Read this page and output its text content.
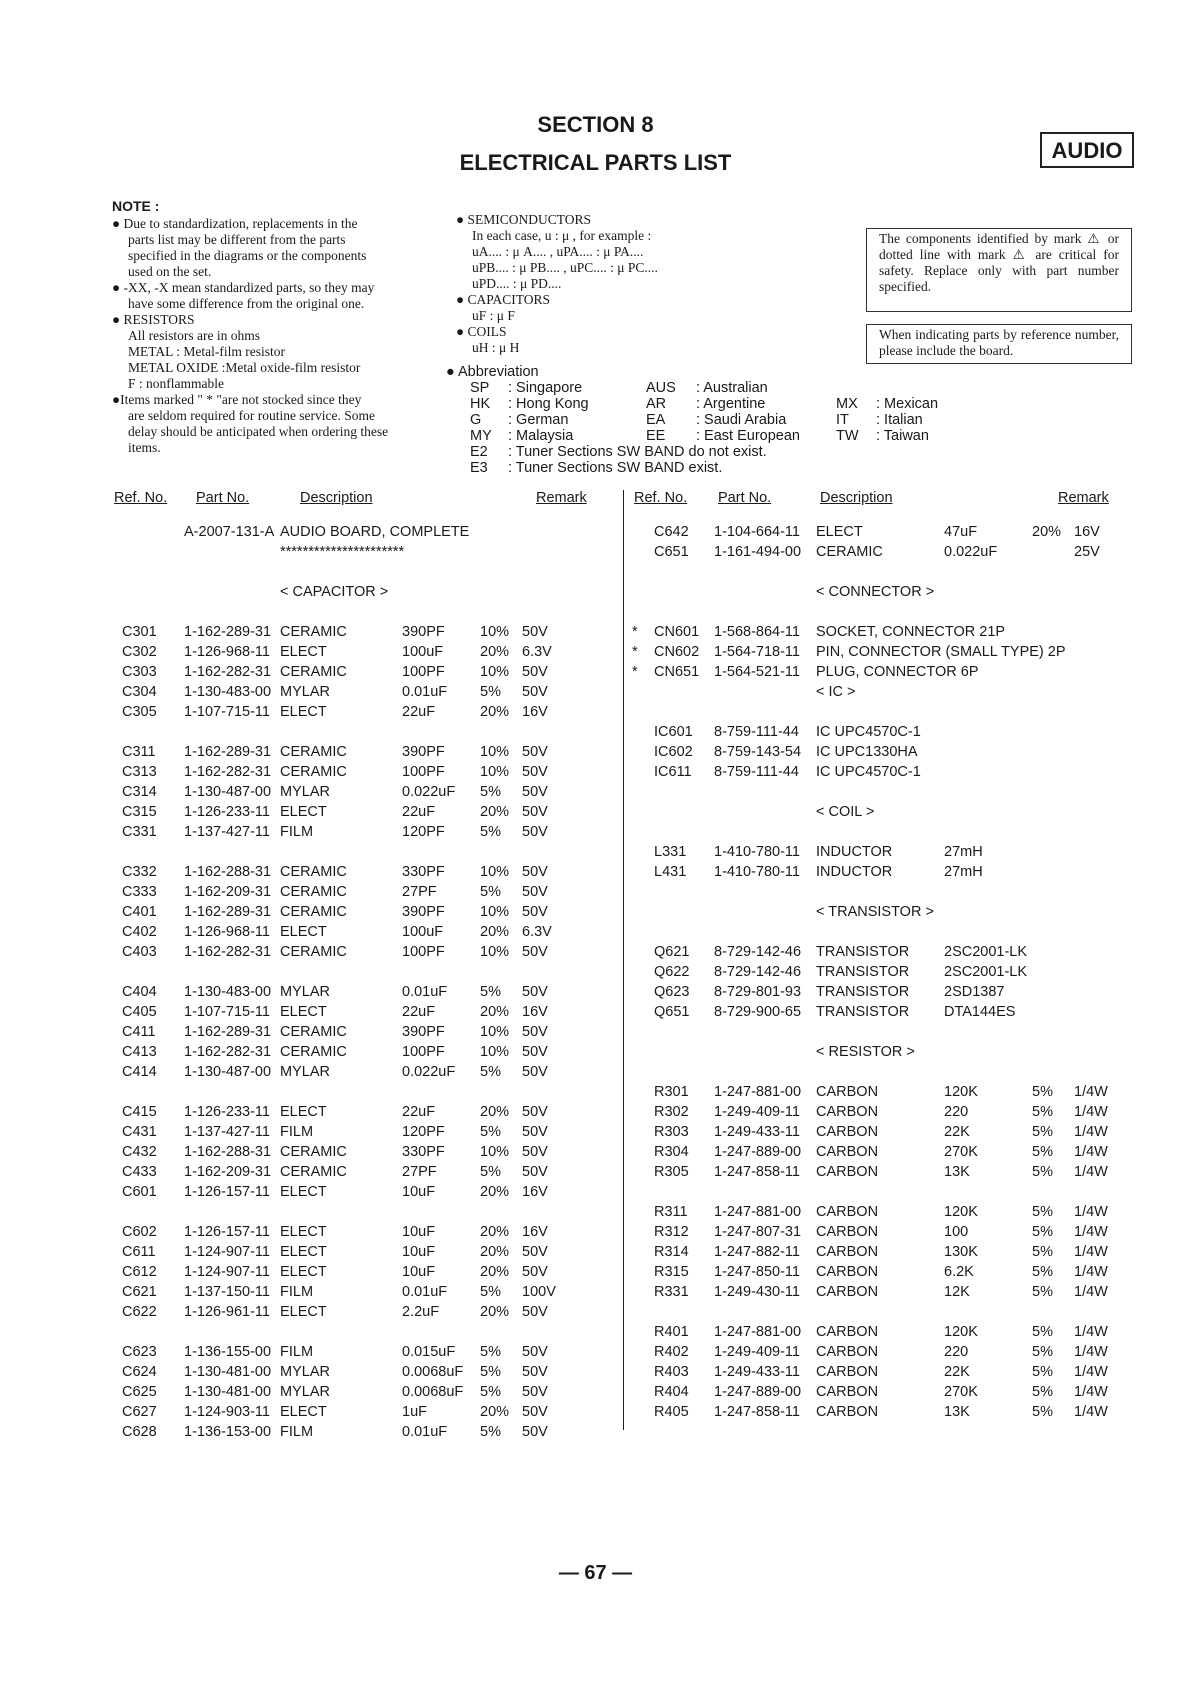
SECTION 8
ELECTRICAL PARTS LIST	AUDIO
NOTE :
● Due to standardization, replacements in the
parts list may be different from the parts
specified in the diagrams or the components
used on the set.
● -XX, -X mean standardized parts, so they may
have some difference from the original one.
● RESISTORS
All resistors are in ohms
METAL : Metal-film resistor
METAL OXIDE :Metal oxide-film resistor
F : nonflammable
●Items marked " * "are not stocked since they
are seldom required for routine service. Some
delay should be anticipated when ordering these
items.
● SEMICONDUCTORS
In each case, u : μ , for example :
uA.... : μ A.... , uPA.... : μ PA....
uPB.... : μ PB.... , uPC.... : μ PC....
uPD.... : μ PD....
● CAPACITORS
uF : μ F
● COILS
uH : μ H
● Abbreviation
SP : Singapore
HK : Hong Kong
G : German
MY : Malaysia
E2 : Tuner Sections SW BAND do not exist.
E3 : Tuner Sections SW BAND exist.
AUS : Australian
AR : Argentine
EA : Saudi Arabia
EE : East European
MX : Mexican
IT : Italian
TW : Taiwan
The components identified by mark ⚠ or dotted line with mark ⚠ are critical for safety. Replace only with part number specified.
When indicating parts by reference number, please include the board.
Ref. No. Part No.	Description	Remark
A-2007-131-A AUDIO BOARD, COMPLETE
**********************
< CAPACITOR >
C301 1-162-289-31 CERAMIC	390PF 10% 50V
C302 1-126-968-11 ELECT	100uF	20% 6.3V
C303 1-162-282-31 CERAMIC	100PF 10% 50V
C304 1-130-483-00 MYLAR	0.01uF 5% 50V
C305 1-107-715-11 ELECT	22uF	20% 16V
C311 1-162-289-31 CERAMIC	390PF 10% 50V
C313 1-162-282-31 CERAMIC	100PF 10% 50V
C314 1-130-487-00 MYLAR	0.022uF 5% 50V
C315 1-126-233-11 ELECT	22uF	20% 50V
C331 1-137-427-11 FILM	120PF 5% 50V
C332 1-162-288-31 CERAMIC	330PF 10% 50V
C333 1-162-209-31 CERAMIC	27PF	5% 50V
C401 1-162-289-31 CERAMIC	390PF 10% 50V
C402 1-126-968-11 ELECT	100uF	20% 6.3V
C403 1-162-282-31 CERAMIC	100PF 10% 50V
C404 1-130-483-00 MYLAR	0.01uF 5% 50V
C405 1-107-715-11 ELECT	22uF	20% 16V
C411 1-162-289-31 CERAMIC	390PF 10% 50V
C413 1-162-282-31 CERAMIC	100PF 10% 50V
C414 1-130-487-00 MYLAR	0.022uF 5% 50V
C415 1-126-233-11 ELECT	22uF	20% 50V
C431 1-137-427-11 FILM	120PF 5% 50V
C432 1-162-288-31 CERAMIC	330PF 10% 50V
C433 1-162-209-31 CERAMIC	27PF	5% 50V
C601 1-126-157-11 ELECT	10uF	20% 16V
C602 1-126-157-11 ELECT	10uF	20% 16V
C611 1-124-907-11 ELECT	10uF	20% 50V
C612 1-124-907-11 ELECT	10uF	20% 50V
C621 1-137-150-11 FILM	0.01uF 5% 100V
C622 1-126-961-11 ELECT	2.2uF	20% 50V
C623 1-136-155-00 FILM	0.015uF 5% 50V
C624 1-130-481-00 MYLAR	0.0068uF 5% 50V
C625 1-130-481-00 MYLAR	0.0068uF 5% 50V
C627 1-124-903-11 ELECT	1uF	20% 50V
C628 1-136-153-00 FILM	0.01uF 5% 50V
Ref. No. Part No.	Description	Remark
C642 1-104-664-11 ELECT	47uF	20% 16V
C651 1-161-494-00 CERAMIC	0.022uF	25V
< CONNECTOR >
* CN601 1-568-864-11 SOCKET, CONNECTOR 21P
* CN602 1-564-718-11 PIN, CONNECTOR (SMALL TYPE) 2P
* CN651 1-564-521-11 PLUG, CONNECTOR 6P
< IC >
IC601 8-759-111-44 IC UPC4570C-1
IC602 8-759-143-54 IC UPC1330HA
IC611 8-759-111-44 IC UPC4570C-1
< COIL >
L331 1-410-780-11 INDUCTOR	27mH
L431 1-410-780-11 INDUCTOR	27mH
< TRANSISTOR >
Q621 8-729-142-46 TRANSISTOR 2SC2001-LK
Q622 8-729-142-46 TRANSISTOR 2SC2001-LK
Q623 8-729-801-93 TRANSISTOR 2SD1387
Q651 8-729-900-65 TRANSISTOR DTA144ES
< RESISTOR >
R301 1-247-881-00 CARBON	120K	5% 1/4W
R302 1-249-409-11 CARBON	220	5% 1/4W
R303 1-249-433-11 CARBON	22K	5% 1/4W
R304 1-247-889-00 CARBON	270K	5% 1/4W
R305 1-247-858-11 CARBON	13K	5% 1/4W
R311 1-247-881-00 CARBON	120K	5% 1/4W
R312 1-247-807-31 CARBON	100	5% 1/4W
R314 1-247-882-11 CARBON	130K	5% 1/4W
R315 1-247-850-11 CARBON	6.2K	5% 1/4W
R331 1-249-430-11 CARBON	12K	5% 1/4W
R401 1-247-881-00 CARBON	120K	5% 1/4W
R402 1-249-409-11 CARBON	220	5% 1/4W
R403 1-249-433-11 CARBON	22K	5% 1/4W
R404 1-247-889-00 CARBON	270K	5% 1/4W
R405 1-247-858-11 CARBON	13K	5% 1/4W
— 67 —
